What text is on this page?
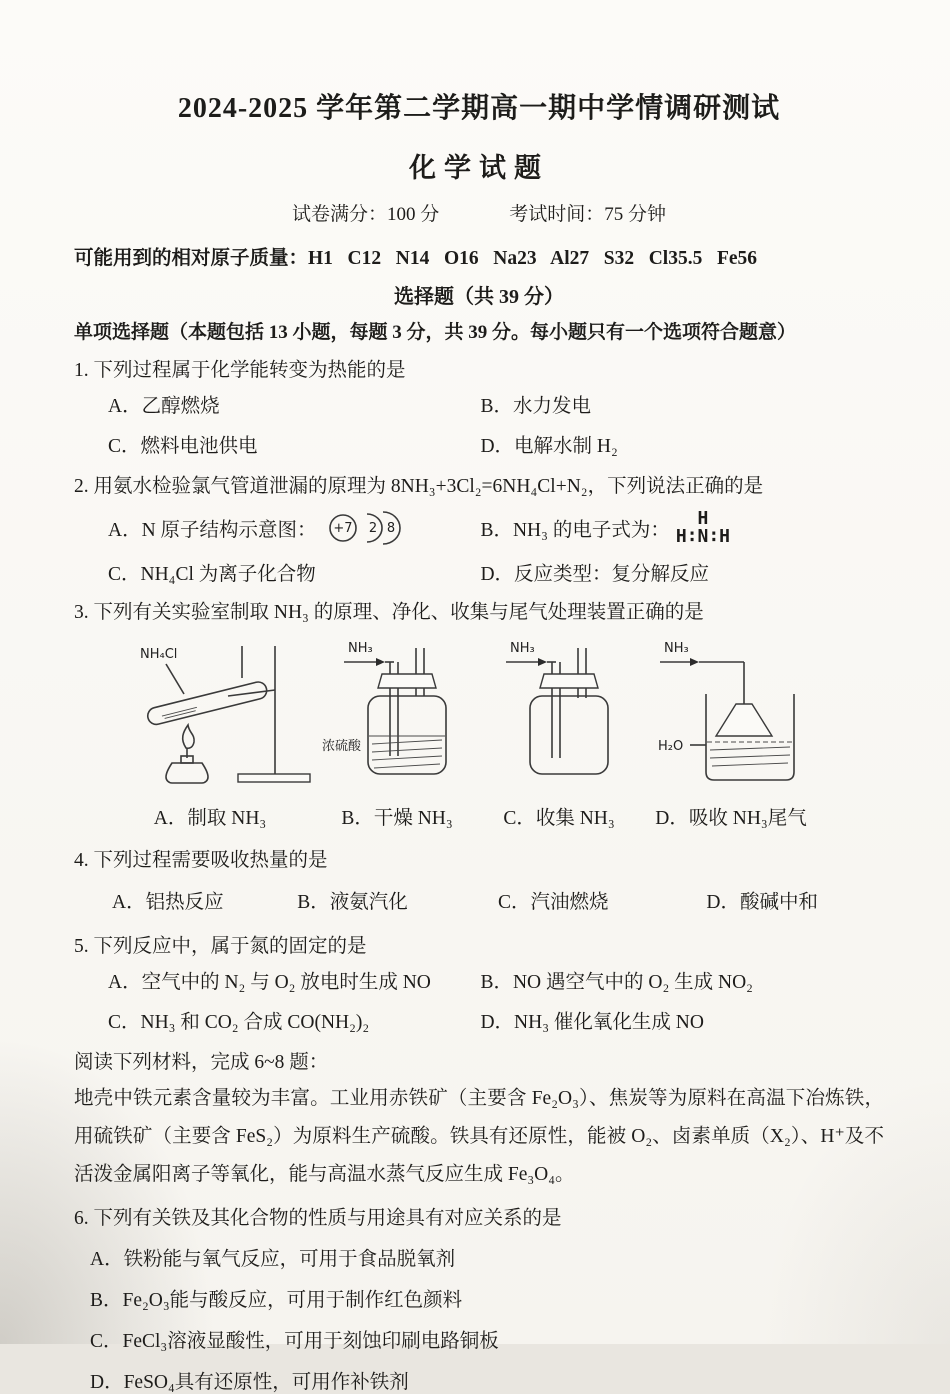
2024-2025 学年第二学期高一期中学情调研测试
化学试题
试卷满分：100 分	考试时间：75 分钟
可能用到的相对原子质量：H1   C12   N14   O16   Na23   Al27   S32   Cl35.5   Fe56
选择题（共 39 分）
单项选择题（本题包括 13 小题，每题 3 分，共 39 分。每小题只有一个选项符合题意）
1. 下列过程属于化学能转变为热能的是
A．乙醇燃烧	B．水力发电
C．燃料电池供电	D．电解水制 H₂
2. 用氨水检验氯气管道泄漏的原理为 8NH₃+3Cl₂=6NH₄Cl+N₂，下列说法正确的是
A．N 原子结构示意图： +7 2 8	B．NH₃ 的电子式为：
H
H∶N∶H
C．NH₄Cl 为离子化合物	D．反应类型：复分解反应
3. 下列有关实验室制取 NH₃ 的原理、净化、收集与尾气处理装置正确的是
NH₄Cl	NH₃
浓硫酸
NH₃	NH₃
H₂O
A．制取 NH₃	B．干燥 NH₃	C．收集 NH₃	D．吸收 NH₃尾气
4. 下列过程需要吸收热量的是
A．铝热反应	B．液氨汽化	C．汽油燃烧	D．酸碱中和
5. 下列反应中，属于氮的固定的是
A．空气中的 N₂ 与 O₂ 放电时生成 NO	B．NO 遇空气中的 O₂ 生成 NO₂
C．NH₃ 和 CO₂ 合成 CO(NH₂)₂	D．NH₃ 催化氧化生成 NO
阅读下列材料，完成 6~8 题：
地壳中铁元素含量较为丰富。工业用赤铁矿（主要含 Fe₂O₃）、焦炭等为原料在高温下冶炼铁，用硫铁矿（主要含 FeS₂）为原料生产硫酸。铁具有还原性，能被 O₂、卤素单质（X₂）、H⁺及不活泼金属阳离子等氧化，能与高温水蒸气反应生成 Fe₃O₄。
6. 下列有关铁及其化合物的性质与用途具有对应关系的是
A．铁粉能与氧气反应，可用于食品脱氧剂
B．Fe₂O₃能与酸反应，可用于制作红色颜料
C．FeCl₃溶液显酸性，可用于刻蚀印刷电路铜板
D．FeSO₄具有还原性，可用作补铁剂
